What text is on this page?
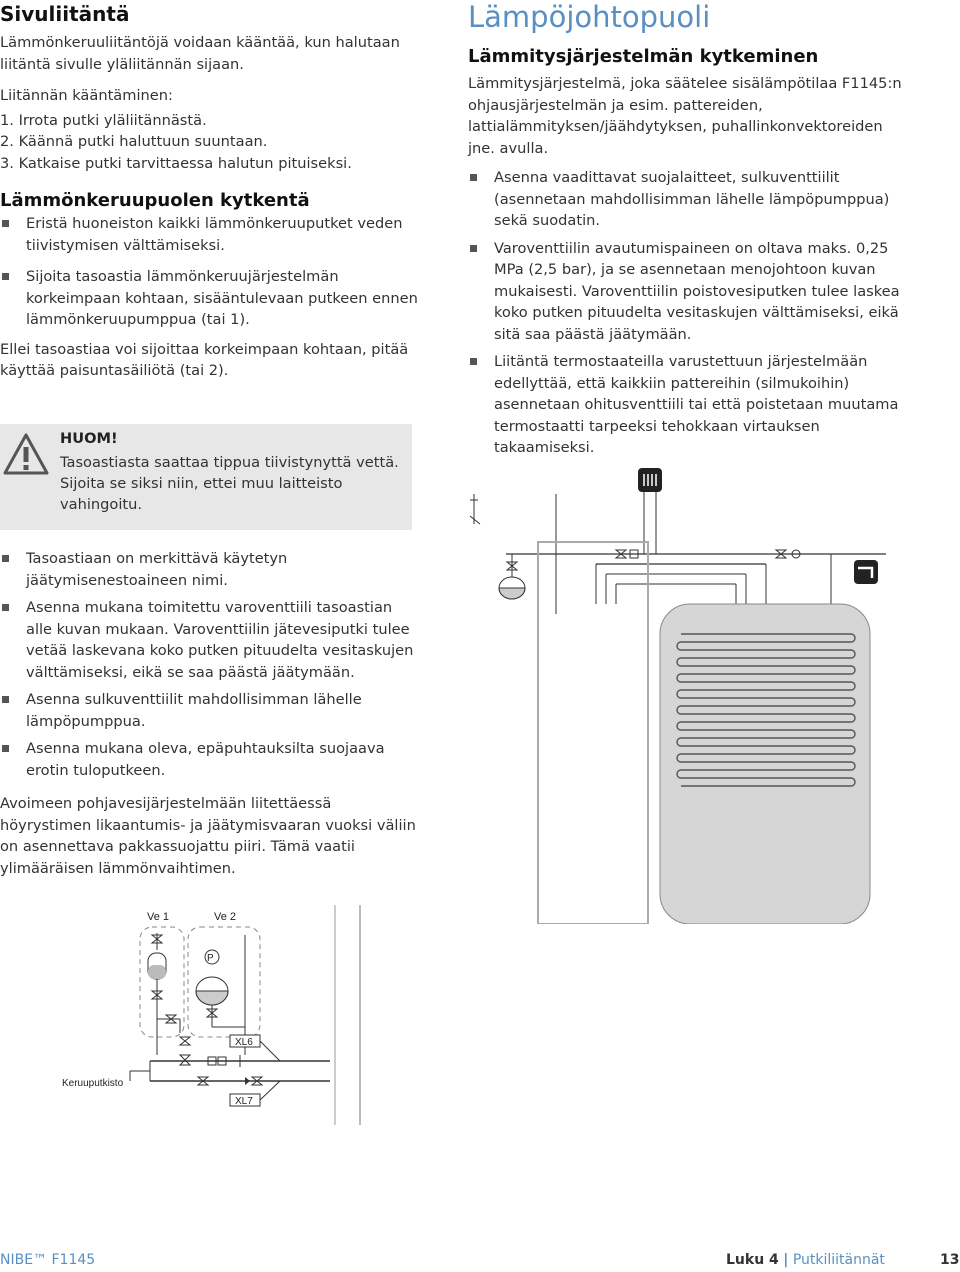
Sivuliitäntä

Lämmönkeruuliitäntöjä voidaan kääntää, kun halutaan liitäntä sivulle yläliitännän sijaan.

Liitännän kääntäminen:

1. Irrota putki yläliitännästä.
2. Käännä putki haluttuun suuntaan.
3. Katkaise putki tarvittaessa halutun pituiseksi.
Lämmönkeruupuolen kytkentä
Eristä huoneiston kaikki lämmönkeruuputket veden tiivistymisen välttämiseksi.
Sijoita tasoastia lämmönkeruujärjestelmän korkeimpaan kohtaan, sisääntulevaan putkeen ennen lämmönkeruupumppua (tai 1).

Ellei tasoastiaa voi sijoittaa korkeimpaan kohtaan, pitää käyttää paisuntasäiliötä (tai 2).

HUOM!
Tasoastiasta saattaa tippua tiivistynyttä vettä. Sijoita se siksi niin, ettei muu laitteisto vahingoitu.
Tasoastiaan on merkittävä käytetyn jäätymisenestoaineen nimi.
Asenna mukana toimitettu varoventtiili tasoastian alle kuvan mukaan. Varoventtiilin jätevesiputki tulee vetää laskevana koko putken pituudelta vesitaskujen välttämiseksi, eikä se saa päästä jäätymään.
Asenna sulkuventtiilit mahdollisimman lähelle lämpöpumppua.
Asenna mukana oleva, epäpuhtauksilta suojaava erotin tuloputkeen.

Avoimeen pohjavesijärjestelmään liitettäessä höyrystimen likaantumis- ja jäätymisvaaran vuoksi väliin on asennettava pakkassuojattu piiri. Tämä vaatii ylimääräisen lämmönvaihtimen.

Ve 1	Ve 2
P
XL6
XL7
Keruuputkisto
Lämpöjohtopuoli
Lämmitysjärjestelmän kytkeminen

Lämmitysjärjestelmä, joka säätelee sisälämpötilaa F1145:n ohjausjärjestelmän ja esim. pattereiden, lattialämmityksen/jäähdytyksen, puhallinkonvektoreiden jne. avulla.

Asenna vaadittavat suojalaitteet, sulkuventtiilit (asennetaan mahdollisimman lähelle lämpöpumppua) sekä suodatin.
Varoventtiilin avautumispaineen on oltava maks. 0,25 MPa (2,5 bar), ja se asennetaan menojohtoon kuvan mukaisesti. Varoventtiilin poistovesiputken tulee laskea koko putken pituudelta vesitaskujen välttämiseksi, eikä sitä saa päästä jäätymään.
Liitäntä termostaateilla varustettuun järjestelmään edellyttää, että kaikkiin pattereihin (silmukoihin) asennetaan ohitusventtiili tai että poistetaan muutama termostaatti tarpeeksi tehokkaan virtauksen takaamiseksi.
NIBE™ F1145	Luku 4 | Putkiliitännät	13
